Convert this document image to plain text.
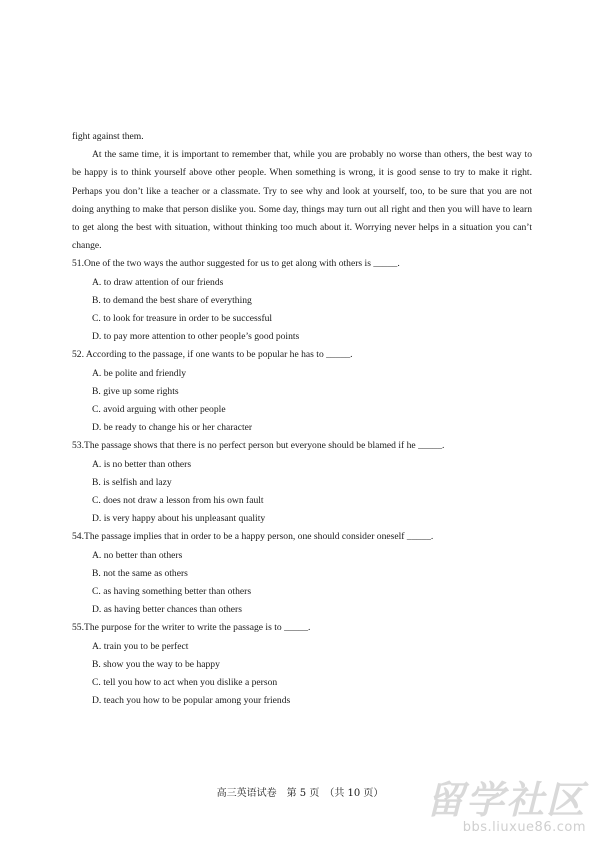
fight against them.

At the same time, it is important to remember that, while you are probably no worse than others, the best way to be happy is to think yourself above other people. When something is wrong, it is good sense to try to make it right. Perhaps you don’t like a teacher or a classmate. Try to see why and look at yourself, too, to be sure that you are not doing anything to make that person dislike you. Some day, things may turn out all right and then you will have to learn to get along the best with situation, without thinking too much about it. Worrying never helps in a situation you can’t change.

51.One of the two ways the author suggested for us to get along with others is _____.

A. to draw attention of our friends
B. to demand the best share of everything
C. to look for treasure in order to be successful
D. to pay more attention to other people’s good points

52. According to the passage, if one wants to be popular he has to _____.

A. be polite and friendly
B. give up some rights
C. avoid arguing with other people
D. be ready to change his or her character

53.The passage shows that there is no perfect person but everyone should be blamed if he _____.

A. is no better than others
B. is selfish and lazy
C. does not draw a lesson from his own fault
D. is very happy about his unpleasant quality

54.The passage implies that in order to be a happy person, one should consider oneself _____.

A. no better than others
B. not the same as others
C. as having something better than others
D. as having better chances than others

55.The purpose for the writer to write the passage is to _____.

A. train you to be perfect
B. show you the way to be happy
C. tell you how to act when you dislike a person
D. teach you how to be popular among your friends
高三英语试卷　第 5 页　（共 10 页）	留学社区
bbs.liuxue86.com
